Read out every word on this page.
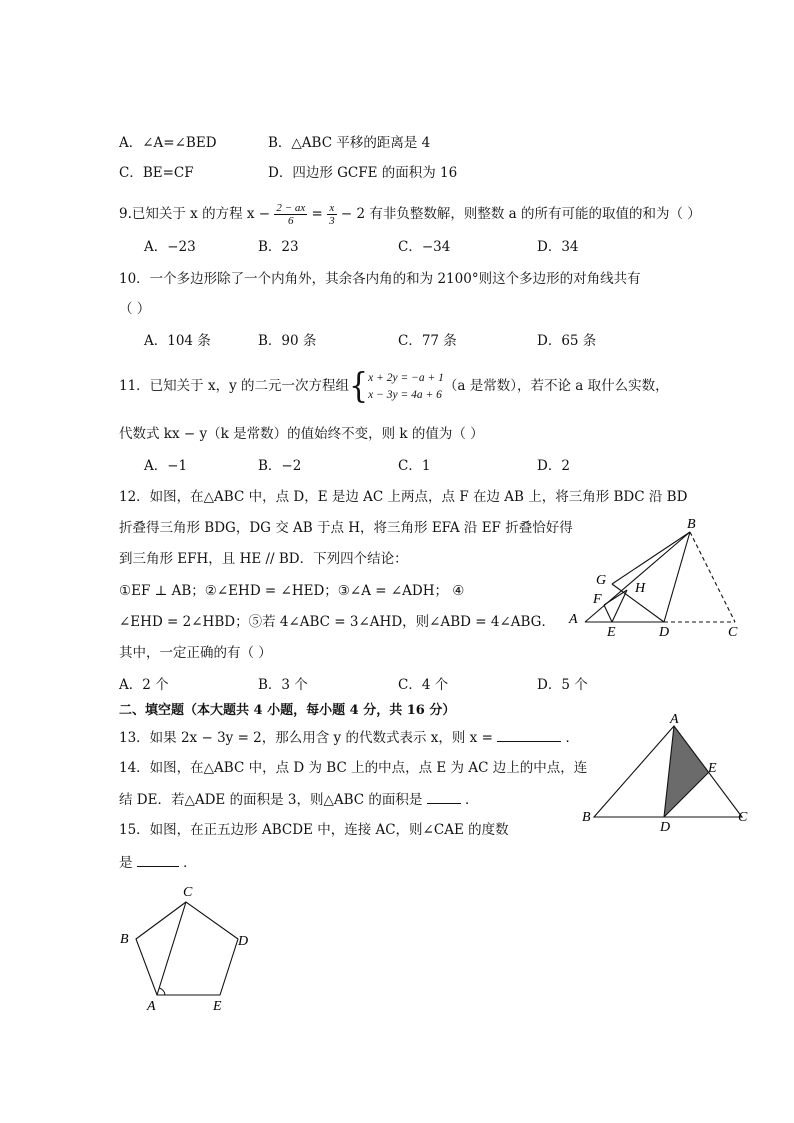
A．∠A=∠BED	B．△ABC 平移的距离是 4
C．BE=CF	D．四边形 GCFE 的面积为 16
9.已知关于 x 的方程 $x - \frac{2 - ax}{6} = \frac{x}{3} - 2$ 有非负整数解，则整数 a 的所有可能的取值的和为（ ）
A．−23	B．23	C．−34	D．34
10．一个多边形除了一个内角外，其余各内角的和为 2100°则这个多边形的对角线共有
（ ）
A．104 条	B．90 条	C．77 条	D．65 条
11．已知关于 x，y 的二元一次方程组{ x + 2y = −a + 1
x − 3y = 4a + 6
（a 是常数），若不论 a 取什么实数，
代数式 kx − y（k 是常数）的值始终不变，则 k 的值为（ ）
A．−1	B．−2	C．1	D．2
12．如图，在△ABC 中，点 D，E 是边 AC 上两点，点 F 在边 AB 上，将三角形 BDC 沿 BD
折叠得三角形 BDG，DG 交 AB 于点 H，将三角形 EFA 沿 EF 折叠恰好得
到三角形 EFH，且 HE // BD．下列四个结论：
①EF ⊥ AB；②∠EHD = ∠HED；③∠A = ∠ADH； ④
∠EHD = 2∠HBD；⑤若 4∠ABC = 3∠AHD，则∠ABD = 4∠ABG．
其中，一定正确的有（ ）
A．2 个	B．3 个	C．4 个	D．5 个
B
G
H
F
A
E	D	C
二、填空题（本大题共 4 小题，每小题 4 分，共 16 分）
13．如果 2x − 3y = 2，那么用含 y 的代数式表示 x，则 x =	．
14．如图，在△ABC 中，点 D 为 BC 上的中点，点 E 为 AC 边上的中点，连
结 DE．若△ADE 的面积是 3，则△ABC 的面积是	．
A
E
B
D
C
15．如图，在正五边形 ABCDE 中，连接 AC，则∠CAE 的度数
是	．
C
B	D
A	E
